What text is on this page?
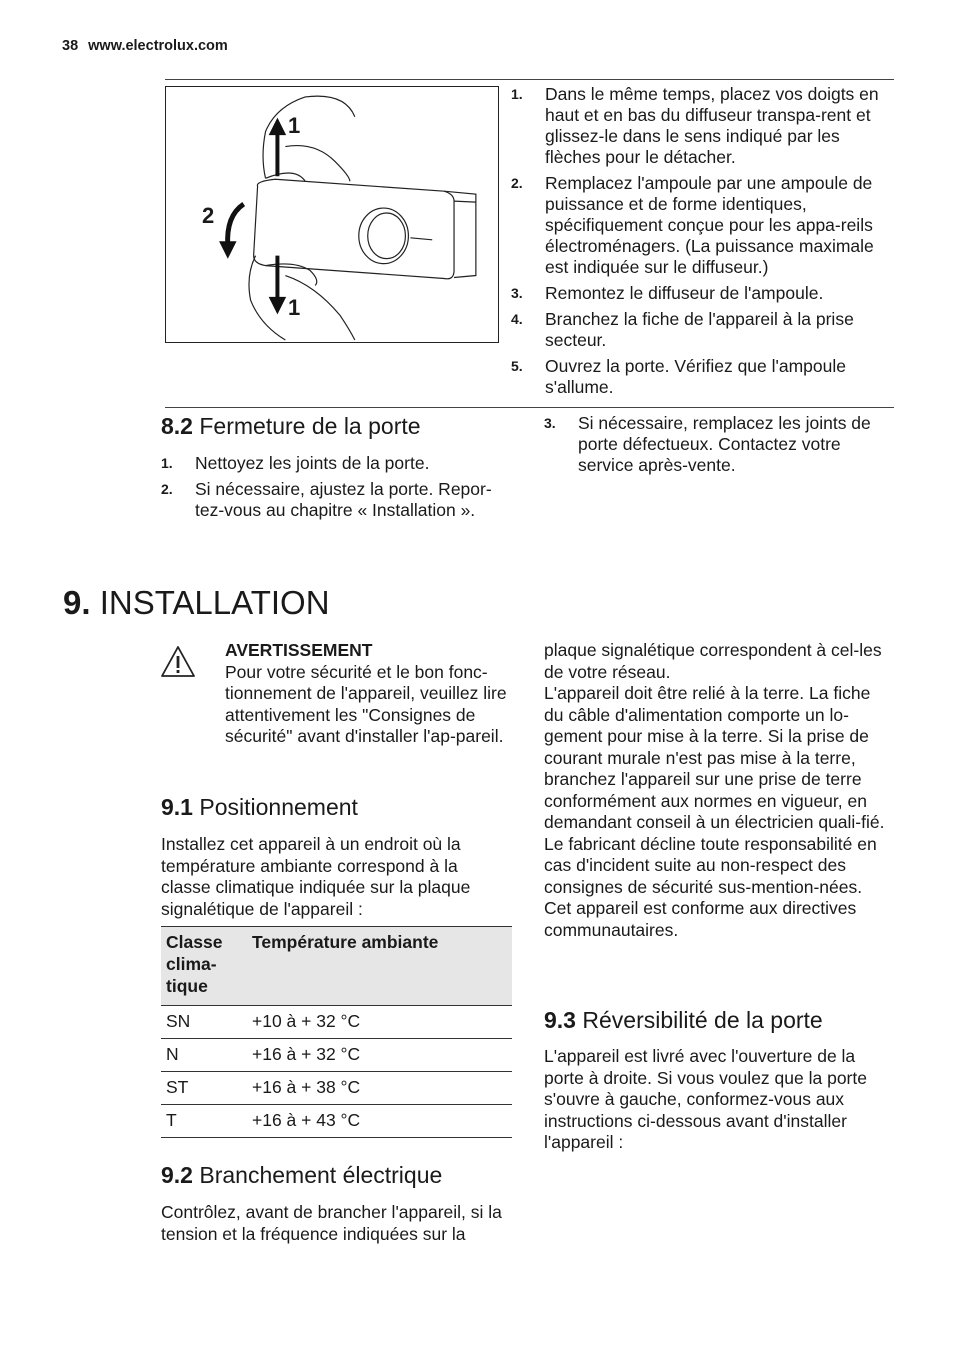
38 www.electrolux.com
1
2
1
1. Dans le même temps, placez vos doigts en haut et en bas du diffuseur transpa-rent et glissez-le dans le sens indiqué par les flèches pour le détacher.
2. Remplacez l'ampoule par une ampoule de puissance et de forme identiques, spécifiquement conçue pour les appa-reils électroménagers. (La puissance maximale est indiquée sur le diffuseur.)
3. Remontez le diffuseur de l'ampoule.
4. Branchez la fiche de l'appareil à la prise secteur.
5. Ouvrez la porte. Vérifiez que l'ampoule s'allume.
8.2 Fermeture de la porte
1. Nettoyez les joints de la porte.
2. Si nécessaire, ajustez la porte. Repor-tez-vous au chapitre « Installation ».
3. Si nécessaire, remplacez les joints de porte défectueux. Contactez votre service après-vente.
9. INSTALLATION
AVERTISSEMENT
Pour votre sécurité et le bon fonc-tionnement de l'appareil, veuillez lire attentivement les "Consignes de sécurité" avant d'installer l'ap-pareil.
9.1 Positionnement
Installez cet appareil à un endroit où la température ambiante correspond à la classe climatique indiquée sur la plaque signalétique de l'appareil :
Classe clima-tique	Température ambiante
SN	+10 à + 32 °C
N	+16 à + 32 °C
ST	+16 à + 38 °C
T	+16 à + 43 °C
9.2 Branchement électrique
Contrôlez, avant de brancher l'appareil, si la tension et la fréquence indiquées sur la
plaque signalétique correspondent à cel-les de votre réseau.
L'appareil doit être relié à la terre. La fiche du câble d'alimentation comporte un lo-gement pour mise à la terre. Si la prise de courant murale n'est pas mise à la terre, branchez l'appareil sur une prise de terre conformément aux normes en vigueur, en demandant conseil à un électricien quali-fié.
Le fabricant décline toute responsabilité en cas d'incident suite au non-respect des consignes de sécurité sus-mention-nées.
Cet appareil est conforme aux directives communautaires.
9.3 Réversibilité de la porte
L'appareil est livré avec l'ouverture de la porte à droite. Si vous voulez que la porte s'ouvre à gauche, conformez-vous aux instructions ci-dessous avant d'installer l'appareil :
